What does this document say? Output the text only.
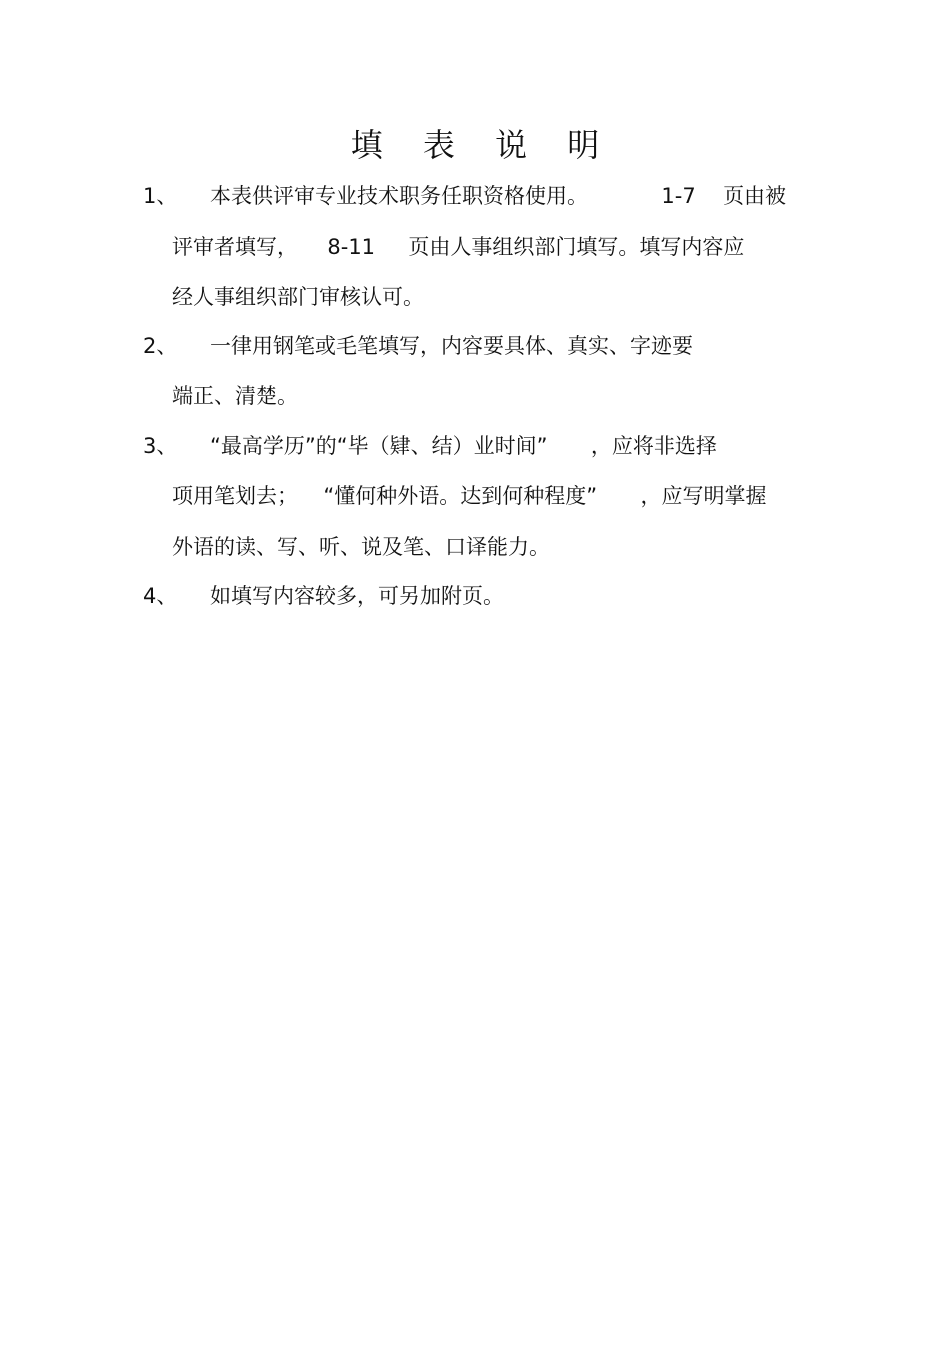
填 表 说 明
1、 本表供评审专业技术职务任职资格使用。	1-7 页由被
评审者填写， 8-11 页由人事组织部门填写。填写内容应
经人事组织部门审核认可。
2、 一律用钢笔或毛笔填写，内容要具体、真实、字迹要
端正、清楚。
3、 “最高学历”的“毕（肄、结）业时间” ，应将非选择
项用笔划去； “懂何种外语。达到何种程度” ，应写明掌握
外语的读、写、听、说及笔、口译能力。
4、 如填写内容较多，可另加附页。
